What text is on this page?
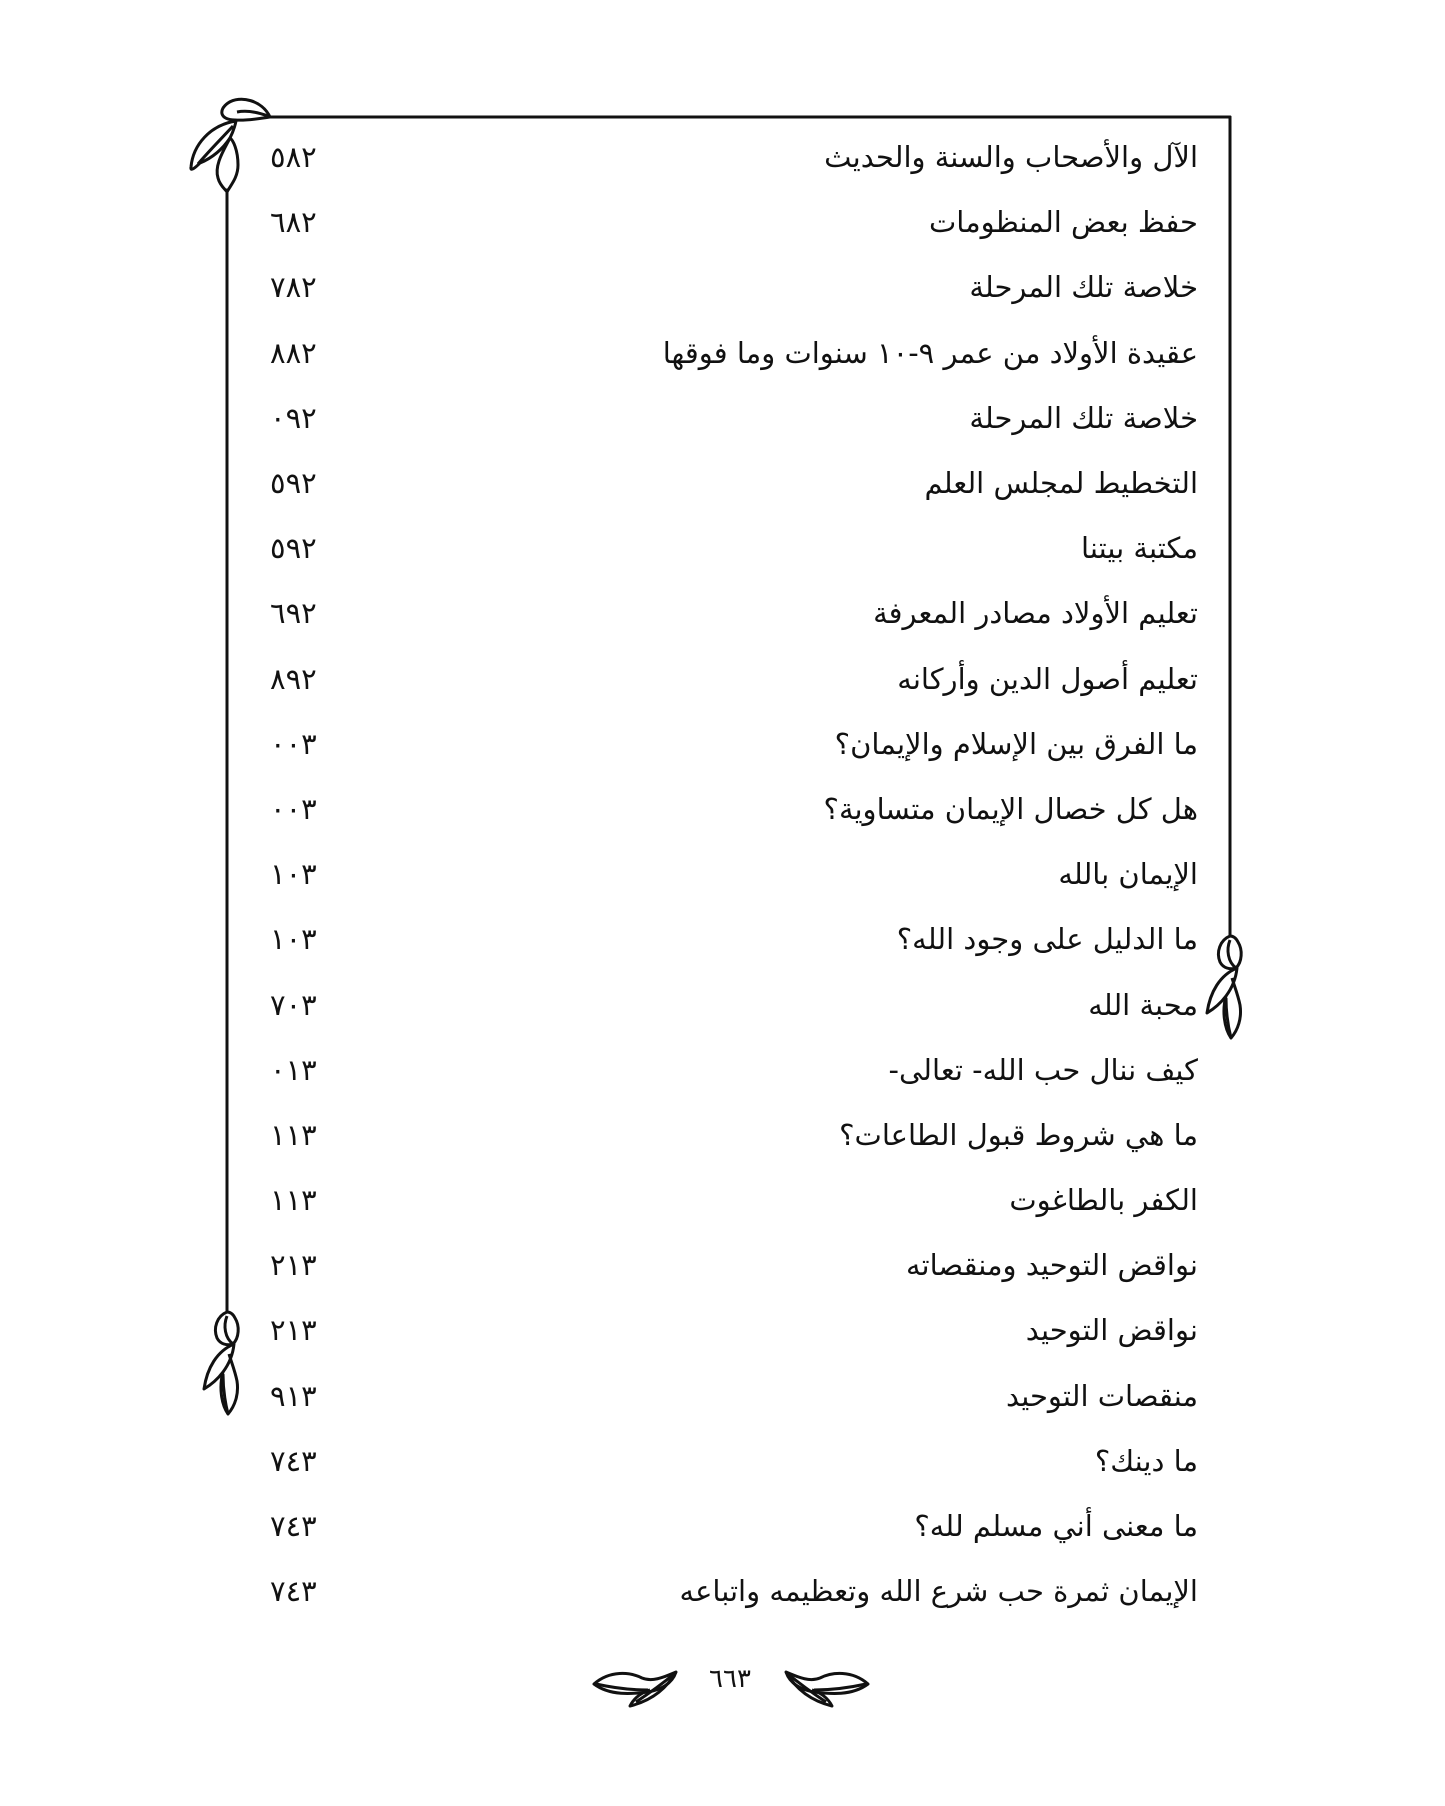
٢٨٥	الآل والأصحاب والسنة والحديث
٢٨٦	حفظ بعض المنظومات
٢٨٧	خلاصة تلك المرحلة
٢٨٨	عقيدة الأولاد من عمر ٩-١٠ سنوات وما فوقها
٢٩٠	خلاصة تلك المرحلة
٢٩٥	التخطيط لمجلس العلم
٢٩٥	مكتبة بيتنا
٢٩٦	تعليم الأولاد مصادر المعرفة
٢٩٨	تعليم أصول الدين وأركانه
٣٠٠	ما الفرق بين الإسلام والإيمان؟
٣٠٠	هل كل خصال الإيمان متساوية؟
٣٠١	الإيمان بالله
٣٠١	ما الدليل على وجود الله؟
٣٠٧	محبة الله
٣١٠	كيف ننال حب الله- تعالى-
٣١١	ما هي شروط قبول الطاعات؟
٣١١	الكفر بالطاغوت
٣١٢	نواقض التوحيد ومنقصاته
٣١٢	نواقض التوحيد
٣١٩	منقصات التوحيد
٣٤٧	ما دينك؟
٣٤٧	ما معنى أني مسلم لله؟
٣٤٧	الإيمان ثمرة حب شرع الله وتعظيمه واتباعه
٦٦٣
